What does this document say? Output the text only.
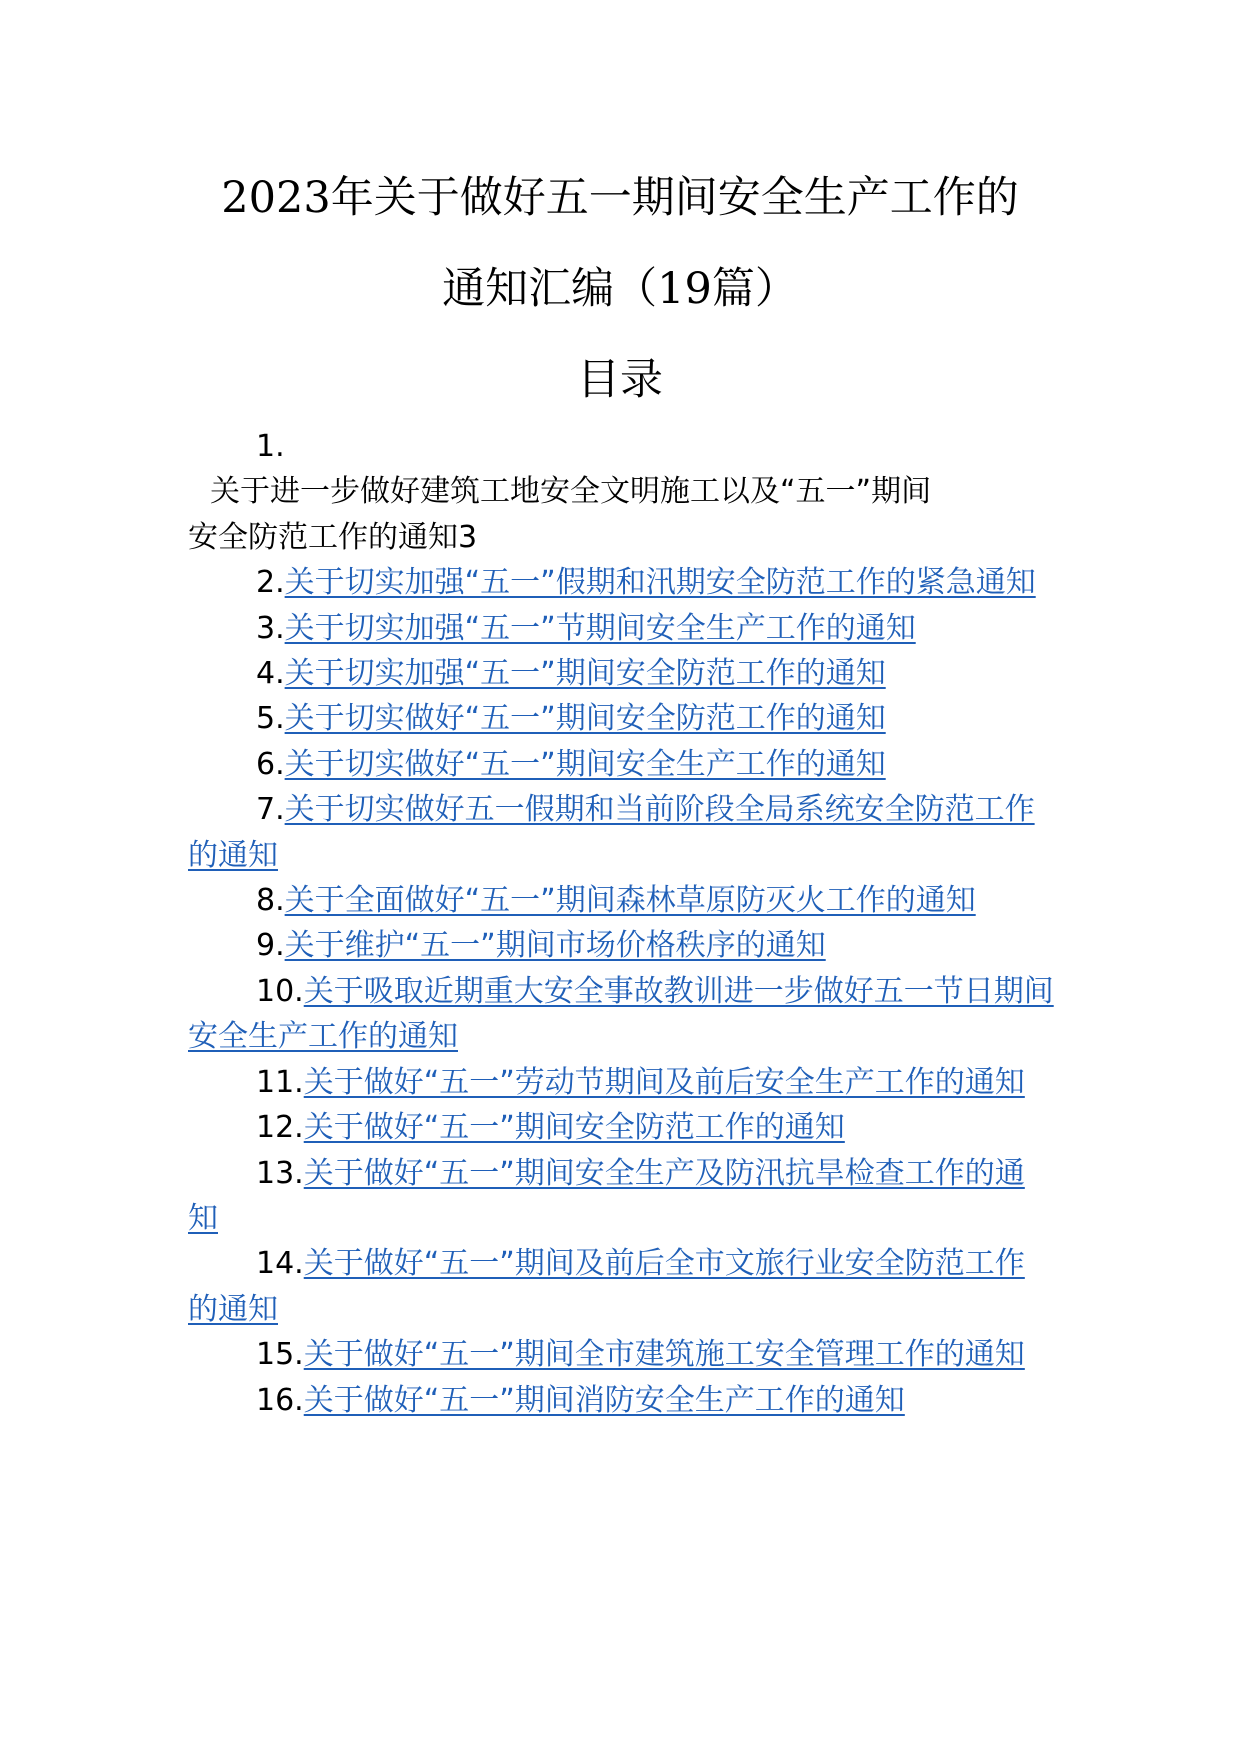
2023年关于做好五一期间安全生产工作的
通知汇编（19篇）
目录
1.
关于进一步做好建筑工地安全文明施工以及“五一”期间
安全防范工作的通知3
2.关于切实加强“五一”假期和汛期安全防范工作的紧急通知
3.关于切实加强“五一”节期间安全生产工作的通知
4.关于切实加强“五一”期间安全防范工作的通知
5.关于切实做好“五一”期间安全防范工作的通知
6.关于切实做好“五一”期间安全生产工作的通知
7.关于切实做好五一假期和当前阶段全局系统安全防范工作的通知
8.关于全面做好“五一”期间森林草原防灭火工作的通知
9.关于维护“五一”期间市场价格秩序的通知
10.关于吸取近期重大安全事故教训进一步做好五一节日期间安全生产工作的通知
11.关于做好“五一”劳动节期间及前后安全生产工作的通知
12.关于做好“五一”期间安全防范工作的通知
13.关于做好“五一”期间安全生产及防汛抗旱检查工作的通知
14.关于做好“五一”期间及前后全市文旅行业安全防范工作的通知
15.关于做好“五一”期间全市建筑施工安全管理工作的通知
16.关于做好“五一”期间消防安全生产工作的通知
